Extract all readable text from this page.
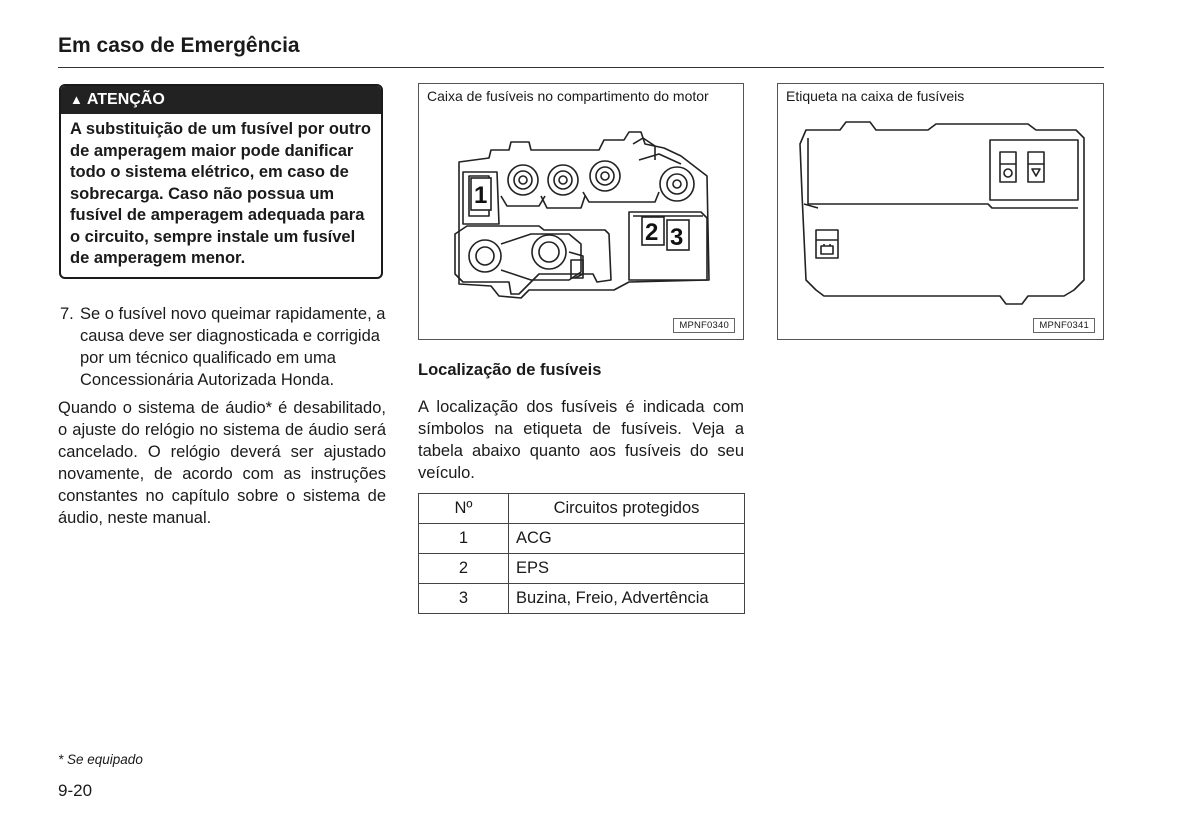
Em caso de Emergência
▲ ATENÇÃO
A substituição de um fusível por outro de amperagem maior pode danificar todo o sistema elétrico, em caso de sobrecarga. Caso não possua um fusível de amperagem adequada para o circuito, sempre instale um fusível de amperagem menor.
7. Se o fusível novo queimar rapidamente, a causa deve ser diagnosticada e corrigida por um técnico qualificado em uma Concessionária Autorizada Honda.
Quando o sistema de áudio* é desabilitado, o ajuste do relógio no sistema de áudio será cancelado. O relógio deverá ser ajustado novamente, de acordo com as instruções constantes no capítulo sobre o sistema de áudio, neste manual.
Caixa de fusíveis no compartimento do motor
1
2 3
MPNF0340
Etiqueta na caixa de fusíveis
MPNF0341
Localização de fusíveis
A localização dos fusíveis é indicada com símbolos na etiqueta de fusíveis. Veja a tabela abaixo quanto aos fusíveis do seu veículo.
Nº	Circuitos protegidos
1	ACG
2	EPS
3	Buzina, Freio, Advertência
* Se equipado
9-20
